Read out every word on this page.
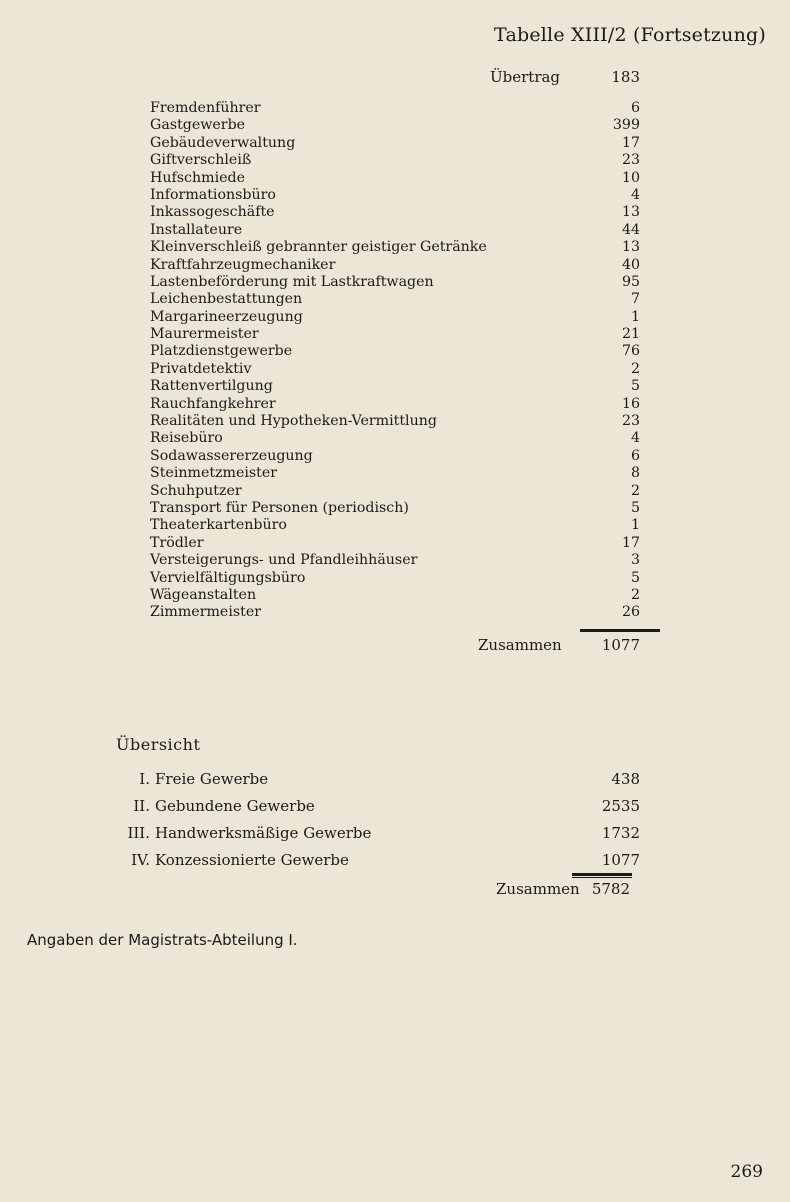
Tabelle XIII/2 (Fortsetzung)
Übertrag	183
Fremdenführer	6
Gastgewerbe	399
Gebäudeverwaltung	17
Giftverschleiß	23
Hufschmiede	10
Informationsbüro	4
Inkassogeschäfte	13
Installateure	44
Kleinverschleiß gebrannter geistiger Getränke	13
Kraftfahrzeugmechaniker	40
Lastenbeförderung mit Lastkraftwagen	95
Leichenbestattungen	7
Margarineerzeugung	1
Maurermeister	21
Platzdienstgewerbe	76
Privatdetektiv	2
Rattenvertilgung	5
Rauchfangkehrer	16
Realitäten und Hypotheken-Vermittlung	23
Reisebüro	4
Sodawassererzeugung	6
Steinmetzmeister	8
Schuhputzer	2
Transport für Personen (periodisch)	5
Theaterkartenbüro	1
Trödler	17
Versteigerungs- und Pfandleihhäuser	3
Vervielfältigungsbüro	5
Wägeanstalten	2
Zimmermeister	26
Zusammen	1077
Übersicht
I. Freie Gewerbe	438
II. Gebundene Gewerbe	2535
III. Handwerksmäßige Gewerbe	1732
IV. Konzessionierte Gewerbe	1077
Zusammen 5782
Angaben der Magistrats-Abteilung I.
269
